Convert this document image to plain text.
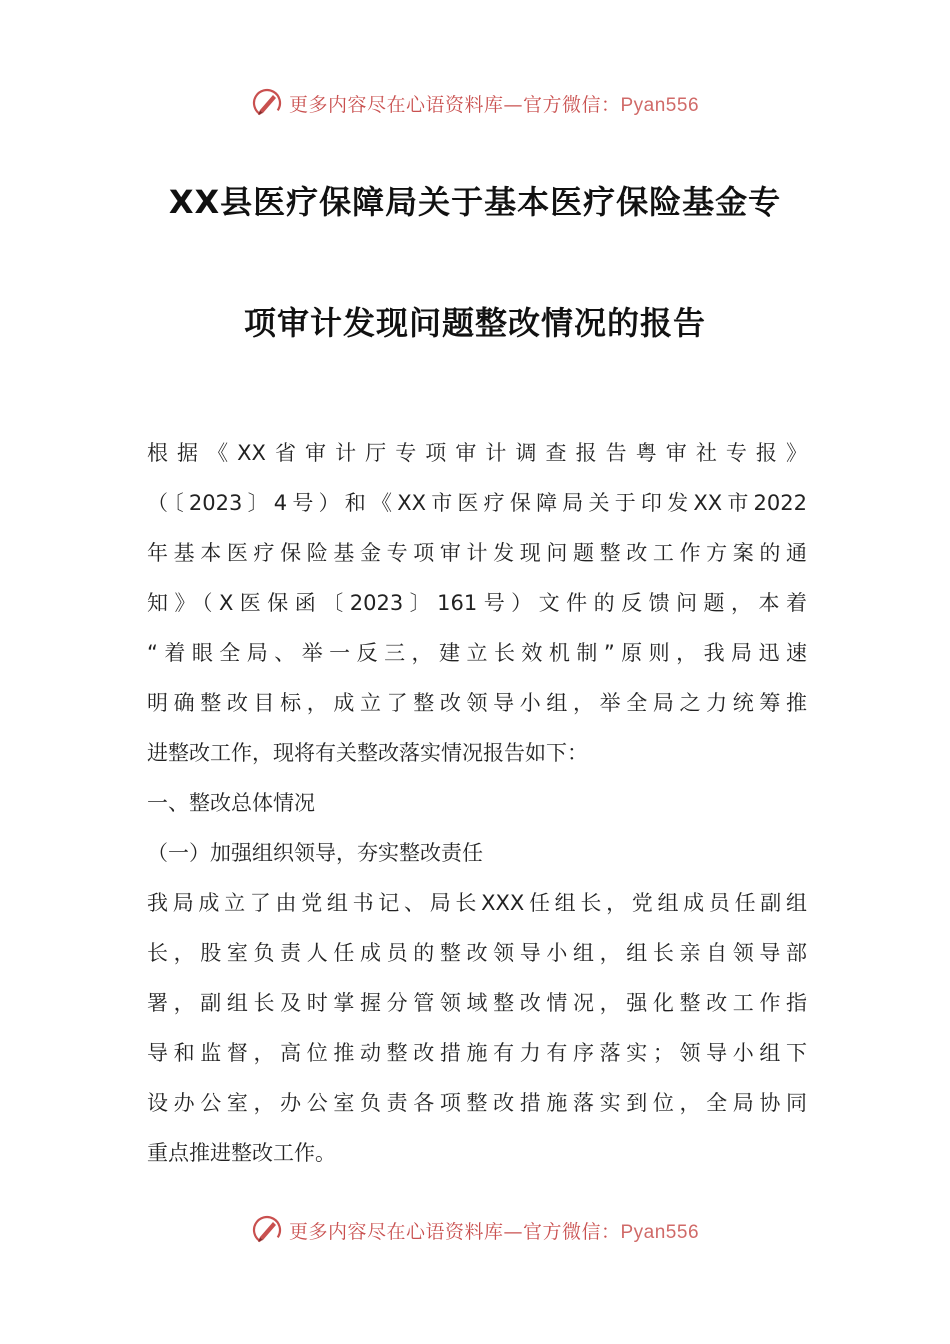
更多内容尽在心语资料库—官方微信：Pyan556
XX县医疗保障局关于基本医疗保险基金专
项审计发现问题整改情况的报告
根据《XX省审计厅专项审计调查报告粤审社专报》
（〔2023〕4号）和《XX市医疗保障局关于印发XX市2022
年基本医疗保险基金专项审计发现问题整改工作方案的通
知》（X医保函〔2023〕161号）文件的反馈问题，本着
“着眼全局、举一反三，建立长效机制”原则，我局迅速
明确整改目标，成立了整改领导小组，举全局之力统筹推
进整改工作，现将有关整改落实情况报告如下：
一、整改总体情况
（一）加强组织领导，夯实整改责任
我局成立了由党组书记、局长XXX任组长，党组成员任副组
长，股室负责人任成员的整改领导小组，组长亲自领导部
署，副组长及时掌握分管领域整改情况，强化整改工作指
导和监督，高位推动整改措施有力有序落实；领导小组下
设办公室，办公室负责各项整改措施落实到位，全局协同
重点推进整改工作。
更多内容尽在心语资料库—官方微信：Pyan556
